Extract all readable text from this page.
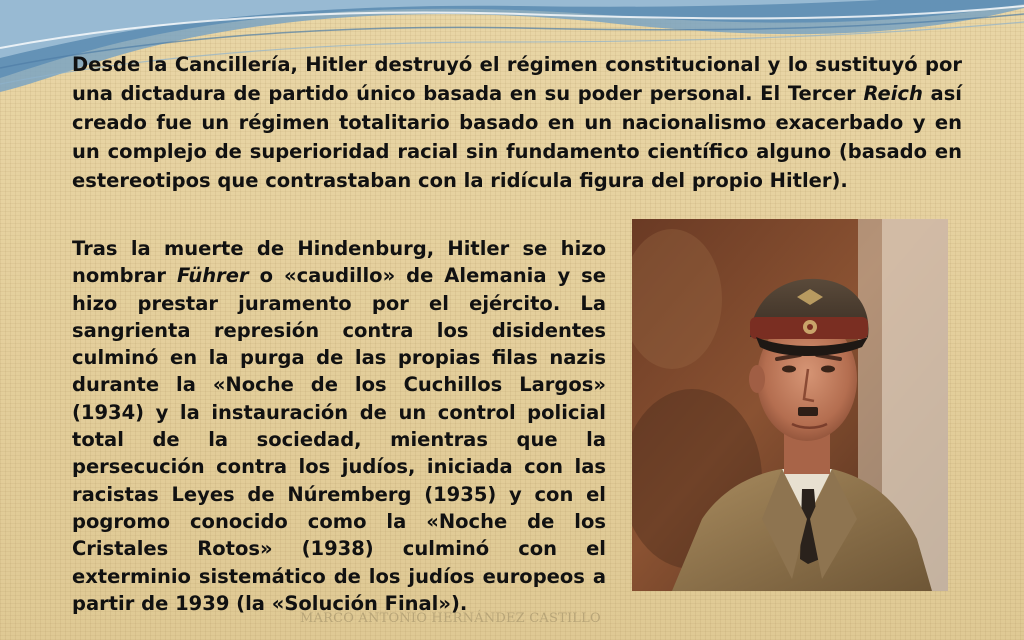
Desde la Cancillería, Hitler destruyó el régimen constitucional y lo sustituyó por una dictadura de partido único basada en su poder personal. El Tercer Reich así creado fue un régimen totalitario basado en un nacionalismo exacerbado y en un complejo de superioridad racial sin fundamento científico alguno (basado en estereotipos que contrastaban con la ridícula figura del propio Hitler).

Tras la muerte de Hindenburg, Hitler se hizo nombrar Führer o «caudillo» de Alemania y se hizo prestar juramento por el ejército. La sangrienta represión contra los disidentes culminó en la purga de las propias filas nazis durante la «Noche de los Cuchillos Largos» (1934) y la instauración de un control policial total de la sociedad, mientras que la persecución contra los judíos, iniciada con las racistas Leyes de Núremberg (1935) y con el pogromo conocido como la «Noche de los Cristales Rotos» (1938) culminó con el exterminio sistemático de los judíos europeos a partir de 1939 (la «Solución Final»).

MARCO ANTONIO HERNÁNDEZ CASTILLO
